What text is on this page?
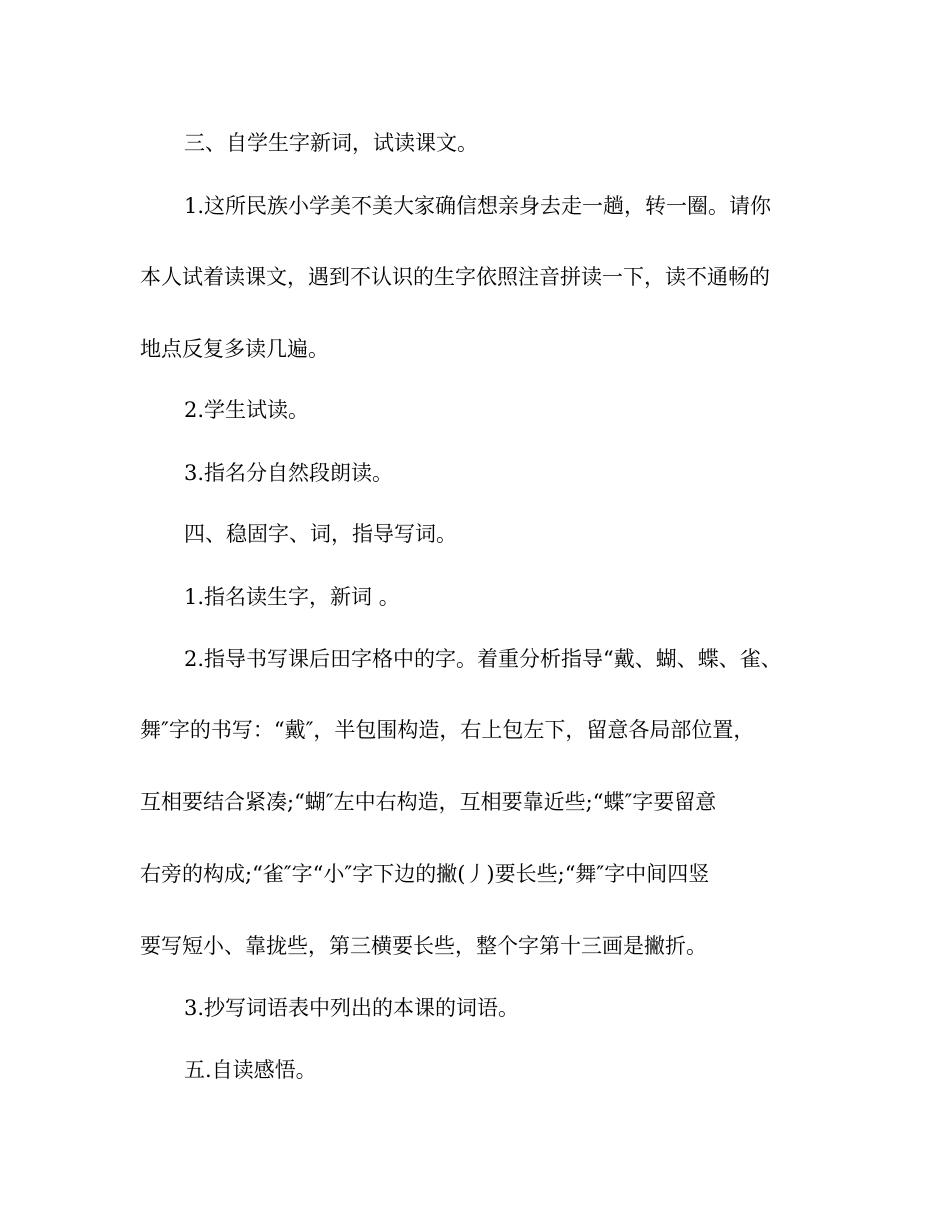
三、自学生字新词，试读课文。
1.这所民族小学美不美大家确信想亲身去走一趟，转一圈。请你
本人试着读课文，遇到不认识的生字依照注音拼读一下，读不通畅的
地点反复多读几遍。
2.学生试读。
3.指名分自然段朗读。
四、稳固字、词，指导写词。
1.指名读生字，新词 。
2.指导书写课后田字格中的字。着重分析指导“戴、蝴、蝶、雀、
舞″字的书写：“戴″，半包围构造，右上包左下，留意各局部位置，
互相要结合紧凑;“蝴″左中右构造，互相要靠近些;“蝶″字要留意
右旁的构成;“雀″字“小″字下边的撇(丿)要长些;“舞″字中间四竖
要写短小、靠拢些，第三横要长些，整个字第十三画是撇折。
3.抄写词语表中列出的本课的词语。
五.自读感悟。
